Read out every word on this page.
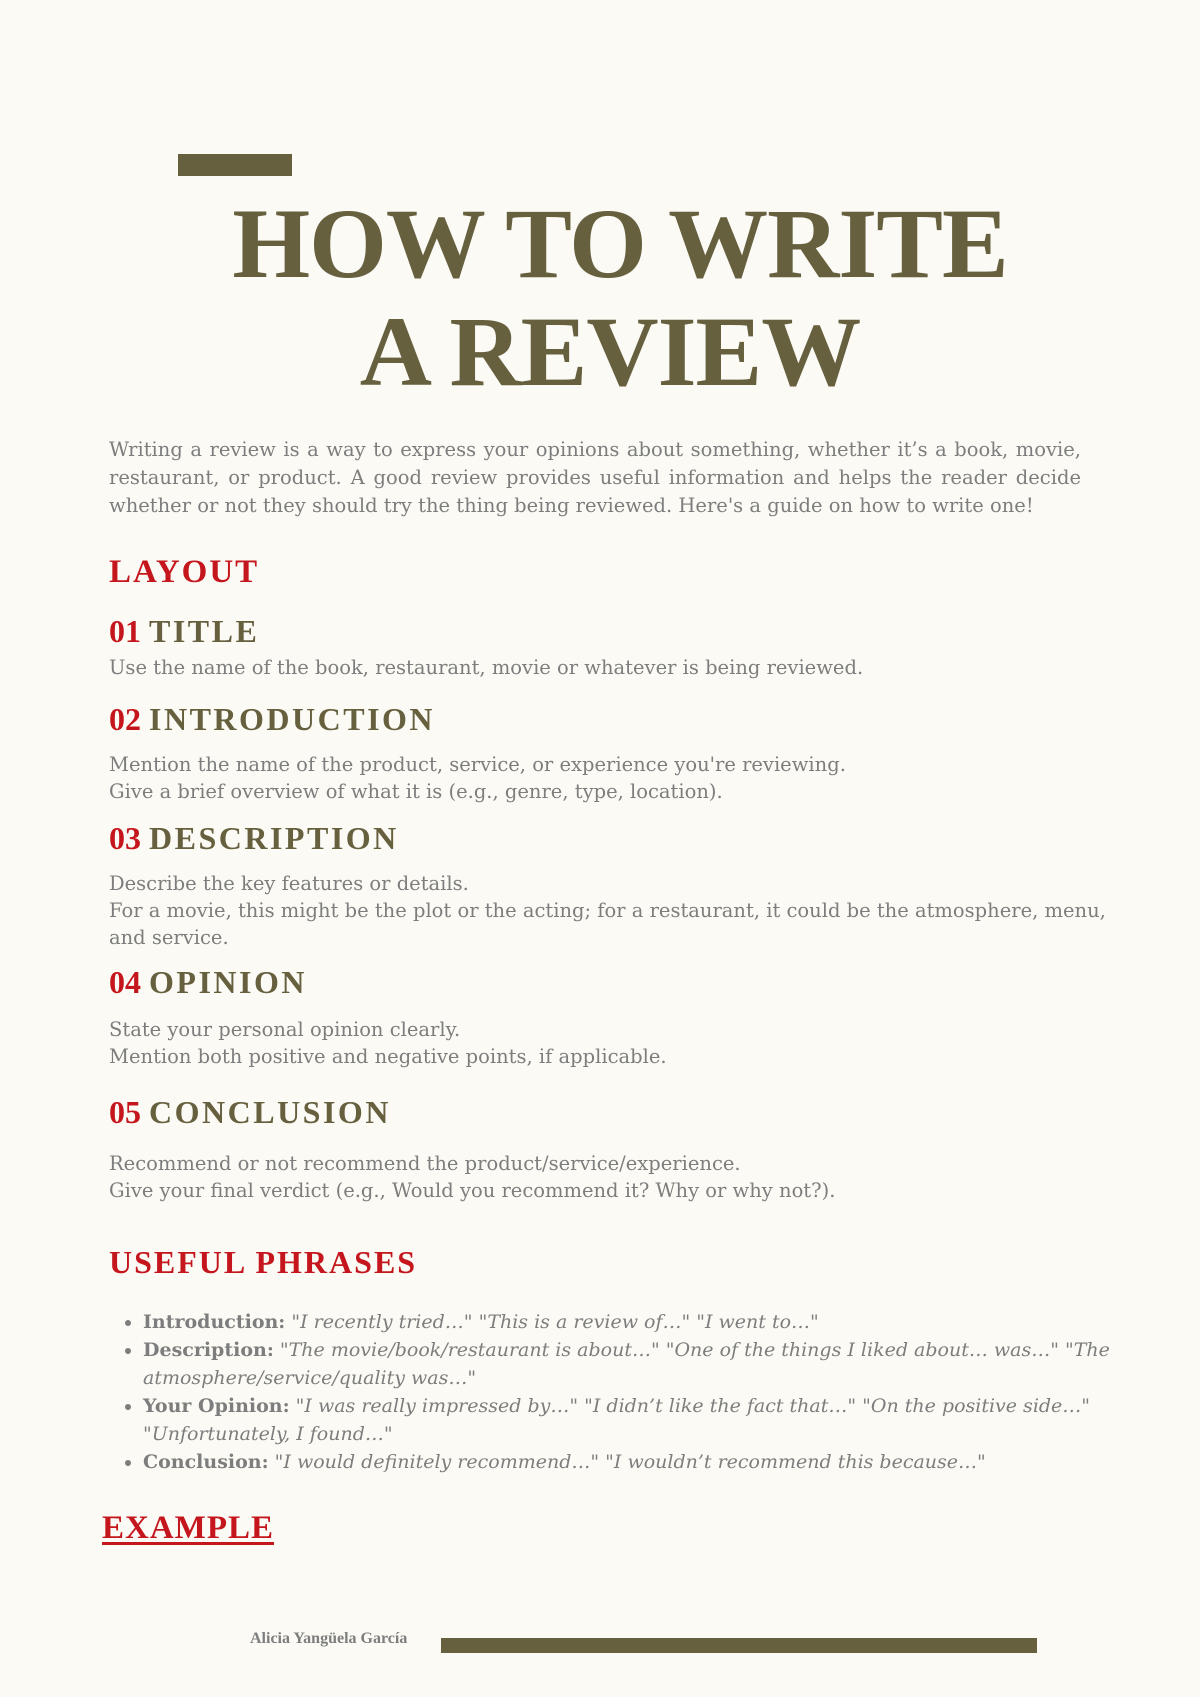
HOW TO WRITE
A REVIEW

Writing a review is a way to express your opinions about something, whether it’s a book, movie, restaurant, or product. A good review provides useful information and helps the reader decide whether or not they should try the thing being reviewed. Here's a guide on how to write one!

LAYOUT
01 TITLE

Use the name of the book, restaurant, movie or whatever is being reviewed.

02 INTRODUCTION

Mention the name of the product, service, or experience you're reviewing.
Give a brief overview of what it is (e.g., genre, type, location).

03 DESCRIPTION

Describe the key features or details.
For a movie, this might be the plot or the acting; for a restaurant, it could be the atmosphere, menu, and service.

04 OPINION

State your personal opinion clearly.
Mention both positive and negative points, if applicable.

05 CONCLUSION

Recommend or not recommend the product/service/experience.
Give your final verdict (e.g., Would you recommend it? Why or why not?).

USEFUL PHRASES
Introduction: "I recently tried…" "This is a review of…" "I went to…"
Description: "The movie/book/restaurant is about…" "One of the things I liked about… was…" "The atmosphere/service/quality was…"
Your Opinion: "I was really impressed by…" "I didn’t like the fact that…" "On the positive side…" "Unfortunately, I found…"
Conclusion: "I would definitely recommend…" "I wouldn’t recommend this because…"
EXAMPLE
Alicia Yangüela García
